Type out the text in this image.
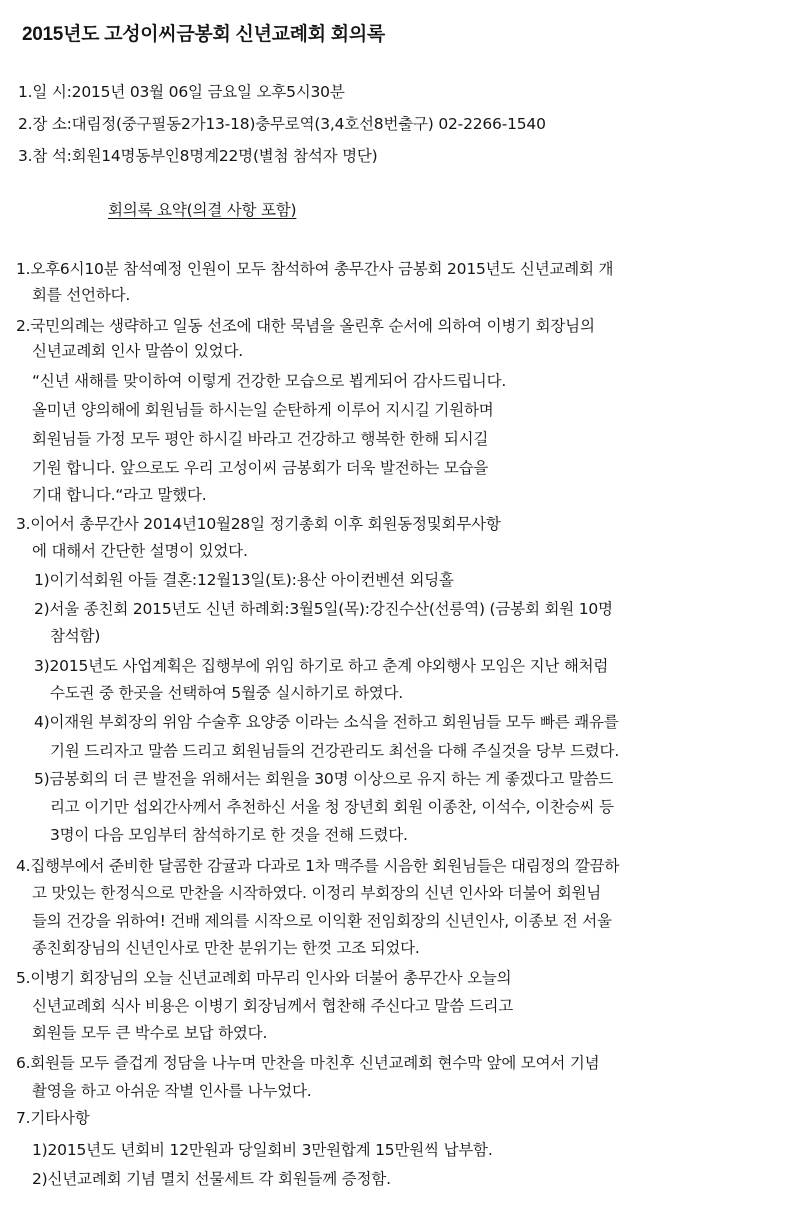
2015년도 고성이씨금봉회 신년교례회 회의록
1.일 시:2015년 03월 06일 금요일 오후5시30분
2.장 소:대림정(중구필동2가13-18)충무로역(3,4호선8번출구) 02-2266-1540
3.참 석:회원14명동부인8명계22명(별첨 참석자 명단)
회의록 요약(의결 사항 포함)
1.오후6시10분 참석예정 인원이 모두 참석하여 총무간사 금봉회 2015년도 신년교례회 개
회를 선언하다.
2.국민의례는 생략하고 일동 선조에 대한 묵념을 올린후 순서에 의하여 이병기 회장님의
신년교례회 인사 말씀이 있었다.
“신년 새해를 맞이하여 이렇게 건강한 모습으로 뵙게되어 감사드립니다.
올미년 양의해에 회원님들 하시는일 순탄하게 이루어 지시길 기원하며
회원님들 가정 모두 평안 하시길 바라고 건강하고 행복한 한해 되시길
기원 합니다. 앞으로도 우리 고성이씨 금봉회가 더욱 발전하는 모습을
기대 합니다.“라고 말했다.
3.이어서 총무간사 2014년10월28일 정기총회 이후 회원동정및회무사항
에 대해서 간단한 설명이 있었다.
1)이기석회원 아들 결혼:12월13일(토):용산 아이컨벤션 외딩홀
2)서울 종친회 2015년도 신년 하례회:3월5일(목):강진수산(선릉역) (금봉회 회원 10명
참석함)
3)2015년도 사업계획은 집행부에 위임 하기로 하고 춘계 야외행사 모임은 지난 해처럼
수도권 중 한곳을 선택하여 5월중 실시하기로 하였다.
4)이재원 부회장의 위암 수술후 요양중 이라는 소식을 전하고 회원님들 모두 빠른 쾌유를
기원 드리자고 말씀 드리고 회원님들의 건강관리도 최선을 다해 주실것을 당부 드렸다.
5)금봉회의 더 큰 발전을 위해서는 회원을 30명 이상으로 유지 하는 게 좋겠다고 말씀드
리고 이기만 섭외간사께서 추천하신 서울 청 장년회 회원 이종찬, 이석수, 이찬승씨 등
3명이 다음 모임부터 참석하기로 한 것을 전해 드렸다.
4.집행부에서 준비한 달콤한 감귤과 다과로 1차 맥주를 시음한 회원님들은 대림정의 깔끔하
고 맛있는 한정식으로 만찬을 시작하였다. 이정리 부회장의 신년 인사와 더불어 회원님
들의 건강을 위하여! 건배 제의를 시작으로 이익환 전임회장의 신년인사, 이종보 전 서울
종친회장님의 신년인사로 만찬 분위기는 한껏 고조 되었다.
5.이병기 회장님의 오늘 신년교례회 마무리 인사와 더불어 총무간사 오늘의
신년교례회 식사 비용은 이병기 회장님께서 협찬해 주신다고 말씀 드리고
회원들 모두 큰 박수로 보답 하였다.
6.회원들 모두 즐겁게 정담을 나누며 만찬을 마친후 신년교례회 현수막 앞에 모여서 기념
촬영을 하고 아쉬운 작별 인사를 나누었다.
7.기타사항
1)2015년도 년회비 12만원과 당일회비 3만원합계 15만원씩 납부함.
2)신년교례회 기념 멸치 선물세트 각 회원들께 증정함.
